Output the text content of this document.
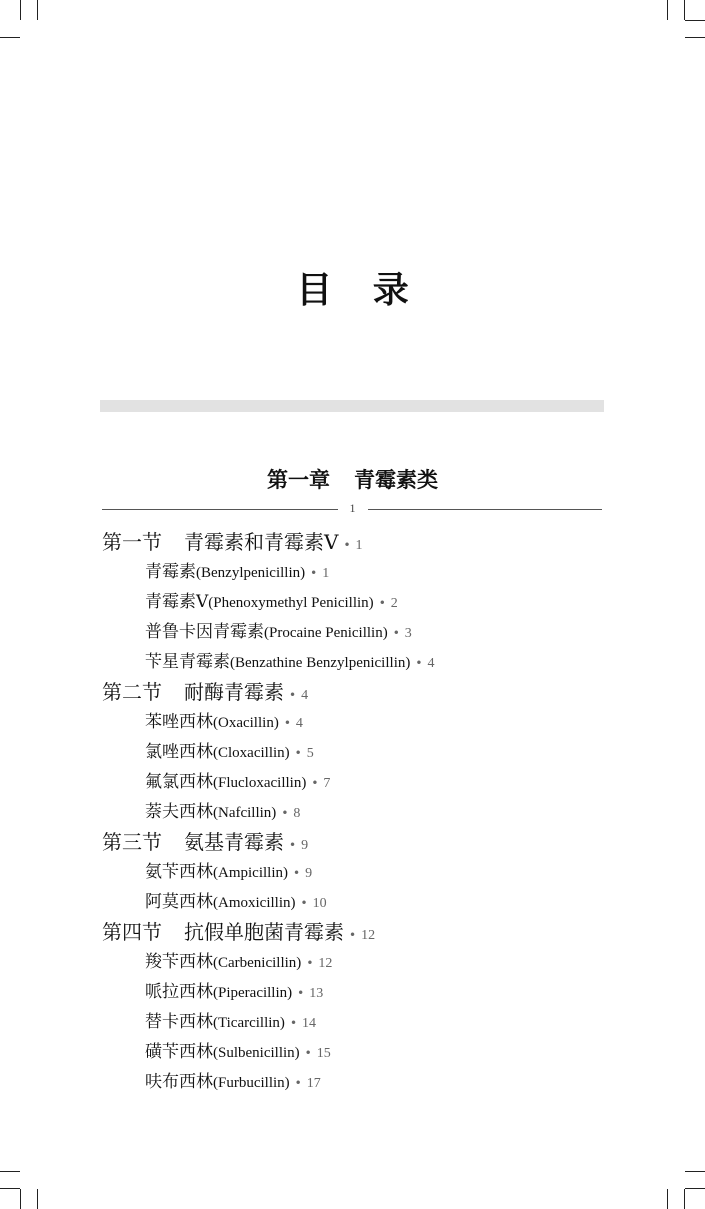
目 录
第一章 青霉素类
1
第一节 青霉素和青霉素Ⅴ • 1
青霉素(Benzylpenicillin) • 1
青霉素Ⅴ(Phenoxymethyl Penicillin) • 2
普鲁卡因青霉素(Procaine Penicillin) • 3
苄星青霉素(Benzathine Benzylpenicillin) • 4
第二节 耐酶青霉素 • 4
苯唑西林(Oxacillin) • 4
氯唑西林(Cloxacillin) • 5
氟氯西林(Flucloxacillin) • 7
萘夫西林(Nafcillin) • 8
第三节 氨基青霉素 • 9
氨苄西林(Ampicillin) • 9
阿莫西林(Amoxicillin) • 10
第四节 抗假单胞菌青霉素 • 12
羧苄西林(Carbenicillin) • 12
哌拉西林(Piperacillin) • 13
替卡西林(Ticarcillin) • 14
磺苄西林(Sulbenicillin) • 15
呋布西林(Furbucillin) • 17
